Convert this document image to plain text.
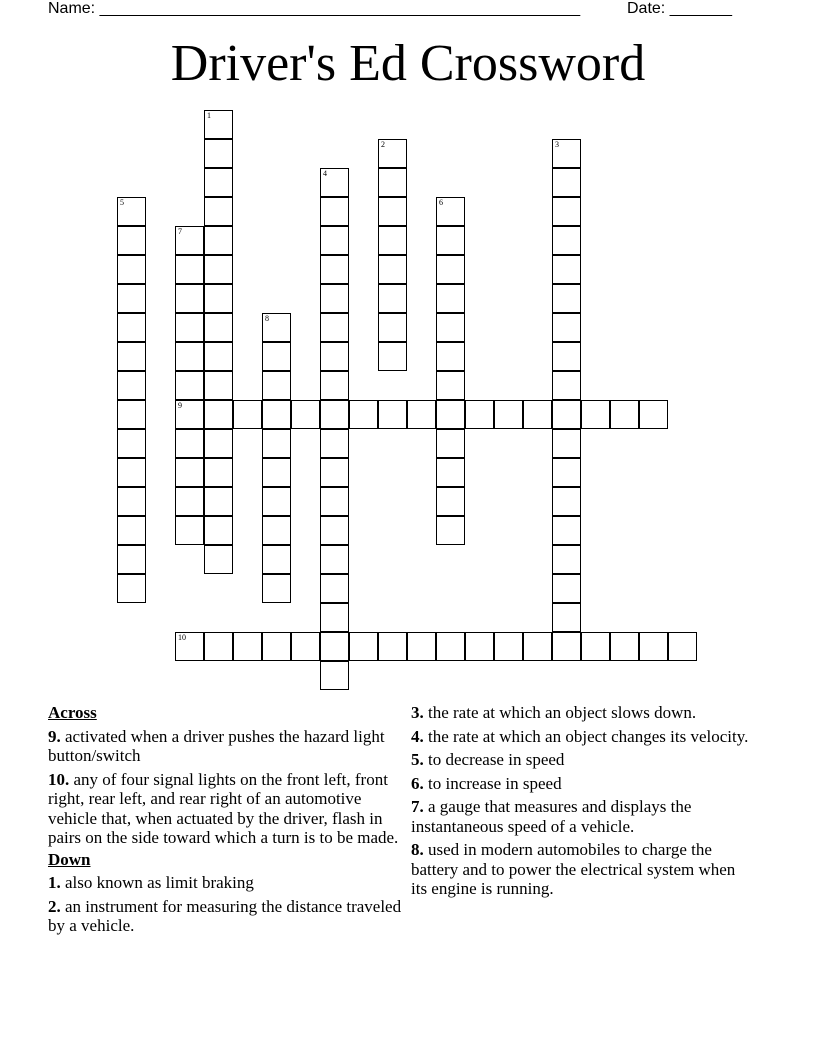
Name: ______________________________________________________	Date: _______
Driver's Ed Crossword
1
2	3
4
5	6
7
9
8
10
Across
9. activated when a driver pushes the hazard light button/switch
10. any of four signal lights on the front left, front right, rear left, and rear right of an automotive vehicle that, when actuated by the driver, flash in pairs on the side toward which a turn is to be made.
Down
1. also known as limit braking
2. an instrument for measuring the distance traveled by a vehicle.
3. the rate at which an object slows down.
4. the rate at which an object changes its velocity.
5. to decrease in speed
6. to increase in speed
7. a gauge that measures and displays the instantaneous speed of a vehicle.
8. used in modern automobiles to charge the battery and to power the electrical system when its engine is running.
